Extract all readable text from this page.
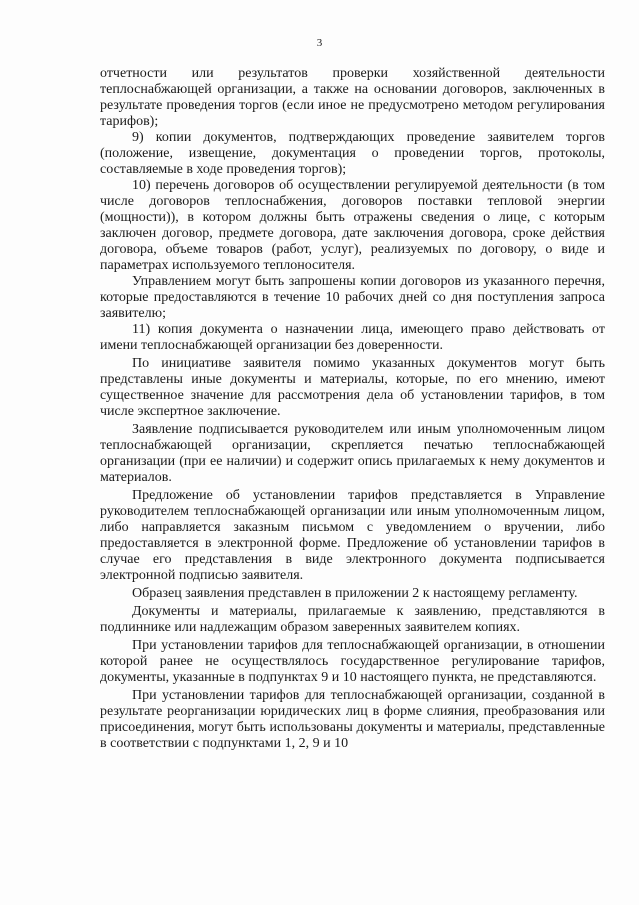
3

отчетности или результатов проверки хозяйственной деятельности теплоснабжающей организации, а также на основании договоров, заключенных в результате проведения торгов (если иное не предусмотрено методом регулирования тарифов);

9) копии документов, подтверждающих проведение заявителем торгов (положение, извещение, документация о проведении торгов, протоколы, составляемые в ходе проведения торгов);

10) перечень договоров об осуществлении регулируемой деятельности (в том числе договоров теплоснабжения, договоров поставки тепловой энергии (мощности)), в котором должны быть отражены сведения о лице, с которым заключен договор, предмете договора, дате заключения договора, сроке действия договора, объеме товаров (работ, услуг), реализуемых по договору, о виде и параметрах используемого теплоносителя.

Управлением могут быть запрошены копии договоров из указанного перечня, которые предоставляются в течение 10 рабочих дней со дня поступления запроса заявителю;

11) копия документа о назначении лица, имеющего право действовать от имени теплоснабжающей организации без доверенности.

По инициативе заявителя помимо указанных документов могут быть представлены иные документы и материалы, которые, по его мнению, имеют существенное значение для рассмотрения дела об установлении тарифов, в том числе экспертное заключение.

Заявление подписывается руководителем или иным уполномоченным лицом теплоснабжающей организации, скрепляется печатью теплоснабжающей организации (при ее наличии) и содержит опись прилагаемых к нему документов и материалов.

Предложение об установлении тарифов представляется в Управление руководителем теплоснабжающей организации или иным уполномоченным лицом, либо направляется заказным письмом с уведомлением о вручении, либо предоставляется в электронной форме. Предложение об установлении тарифов в случае его представления в виде электронного документа подписывается электронной подписью заявителя.

Образец заявления представлен в приложении 2 к настоящему регламенту.

Документы и материалы, прилагаемые к заявлению, представляются в подлиннике или надлежащим образом заверенных заявителем копиях.

При установлении тарифов для теплоснабжающей организации, в отношении которой ранее не осуществлялось государственное регулирование тарифов, документы, указанные в подпунктах 9 и 10 настоящего пункта, не представляются.

При установлении тарифов для теплоснабжающей организации, созданной в результате реорганизации юридических лиц в форме слияния, преобразования или присоединения, могут быть использованы документы и материалы, представленные в соответствии с подпунктами 1, 2, 9 и 10
